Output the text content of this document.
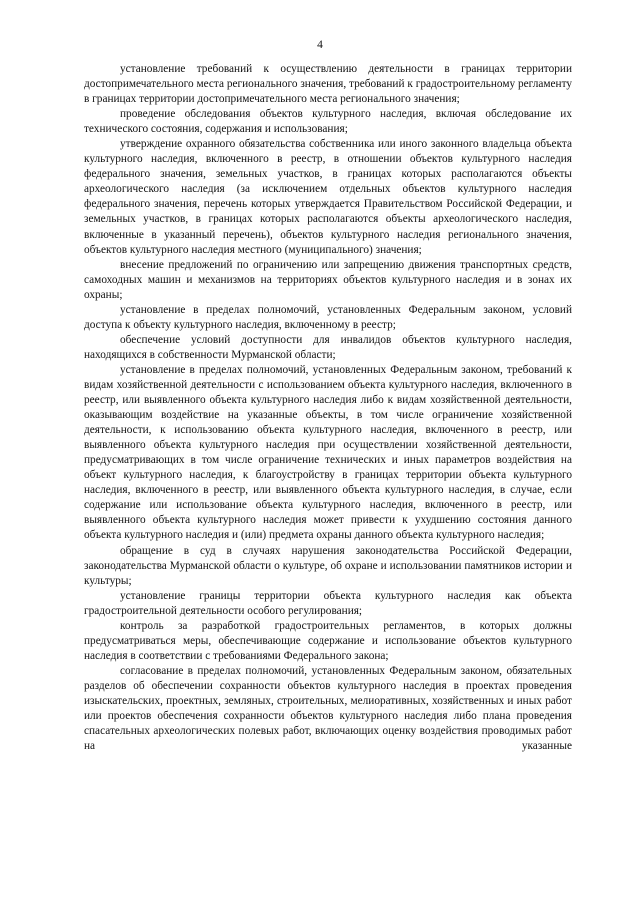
4

установление требований к осуществлению деятельности в границах территории достопримечательного места регионального значения, требований к градостроительному регламенту в границах территории достопримечательного места регионального значения;

проведение обследования объектов культурного наследия, включая обследование их технического состояния, содержания и использования;

утверждение охранного обязательства собственника или иного законного владельца объекта культурного наследия, включенного в реестр, в отношении объектов культурного наследия федерального значения, земельных участков, в границах которых располагаются объекты археологического наследия (за исключением отдельных объектов культурного наследия федерального значения, перечень которых утверждается Правительством Российской Федерации, и земельных участков, в границах которых располагаются объекты археологического наследия, включенные в указанный перечень), объектов культурного наследия регионального значения, объектов культурного наследия местного (муниципального) значения;

внесение предложений по ограничению или запрещению движения транспортных средств, самоходных машин и механизмов на территориях объектов культурного наследия и в зонах их охраны;

установление в пределах полномочий, установленных Федеральным законом, условий доступа к объекту культурного наследия, включенному в реестр;

обеспечение условий доступности для инвалидов объектов культурного наследия, находящихся в собственности Мурманской области;

установление в пределах полномочий, установленных Федеральным законом, требований к видам хозяйственной деятельности с использованием объекта культурного наследия, включенного в реестр, или выявленного объекта культурного наследия либо к видам хозяйственной деятельности, оказывающим воздействие на указанные объекты, в том числе ограничение хозяйственной деятельности, к использованию объекта культурного наследия, включенного в реестр, или выявленного объекта культурного наследия при осуществлении хозяйственной деятельности, предусматривающих в том числе ограничение технических и иных параметров воздействия на объект культурного наследия, к благоустройству в границах территории объекта культурного наследия, включенного в реестр, или выявленного объекта культурного наследия, в случае, если содержание или использование объекта культурного наследия, включенного в реестр, или выявленного объекта культурного наследия может привести к ухудшению состояния данного объекта культурного наследия и (или) предмета охраны данного объекта культурного наследия;

обращение в суд в случаях нарушения законодательства Российской Федерации, законодательства Мурманской области о культуре, об охране и использовании памятников истории и культуры;

установление границы территории объекта культурного наследия как объекта градостроительной деятельности особого регулирования;

контроль за разработкой градостроительных регламентов, в которых должны предусматриваться меры, обеспечивающие содержание и использование объектов культурного наследия в соответствии с требованиями Федерального закона;

согласование в пределах полномочий, установленных Федеральным законом, обязательных разделов об обеспечении сохранности объектов культурного наследия в проектах проведения изыскательских, проектных, земляных, строительных, мелиоративных, хозяйственных и иных работ или проектов обеспечения сохранности объектов культурного наследия либо плана проведения спасательных археологических полевых работ, включающих оценку воздействия проводимых работ на указанные
